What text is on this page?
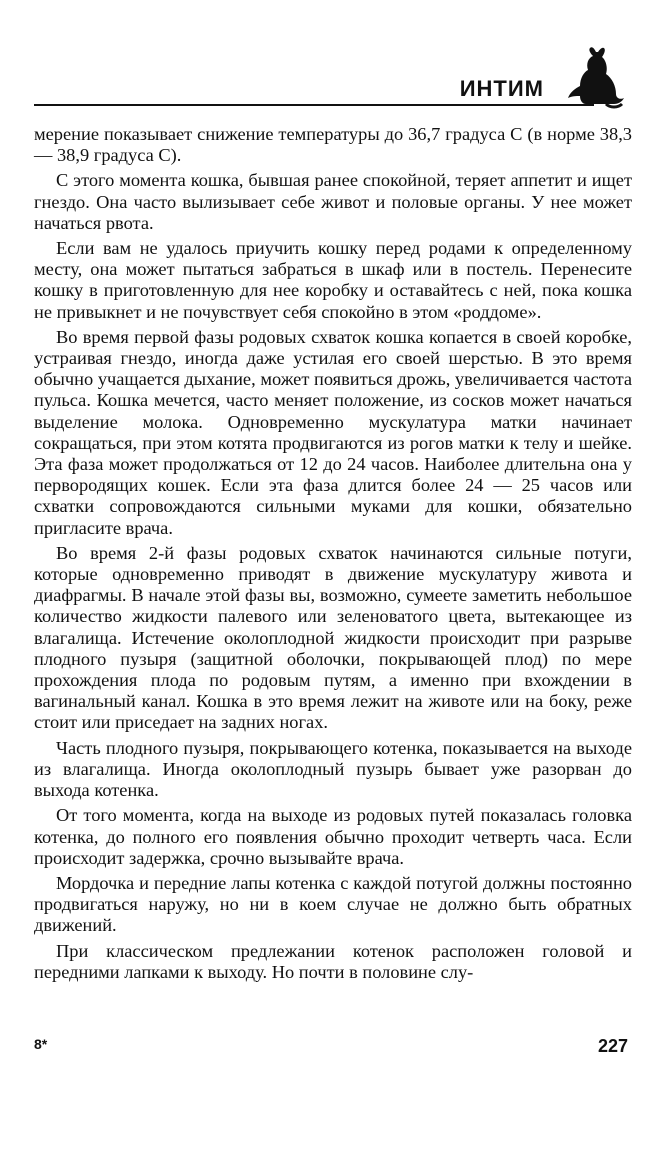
ИНТИМ

мерение показывает снижение температуры до 36,7 градуса С (в норме 38,3 — 38,9 градуса С).

С этого момента кошка, бывшая ранее спокойной, теряет аппетит и ищет гнездо. Она часто вылизывает себе живот и половые органы. У нее может начаться рвота.

Если вам не удалось приучить кошку перед родами к определенному месту, она может пытаться забраться в шкаф или в постель. Перенесите кошку в приготовленную для нее коробку и оставайтесь с ней, пока кошка не привыкнет и не почувствует себя спокойно в этом «роддоме».

Во время первой фазы родовых схваток кошка копается в своей коробке, устраивая гнездо, иногда даже устилая его своей шерстью. В это время обычно учащается дыхание, может появиться дрожь, увеличивается частота пульса. Кошка мечется, часто меняет положение, из сосков может начаться выделение молока. Одновременно мускулатура матки начинает сокращаться, при этом котята продвигаются из рогов матки к телу и шейке. Эта фаза может продолжаться от 12 до 24 часов. Наиболее длительна она у первородящих кошек. Если эта фаза длится более 24 — 25 часов или схватки сопровождаются сильными муками для кошки, обязательно пригласите врача.

Во время 2-й фазы родовых схваток начинаются сильные потуги, которые одновременно приводят в движение мускулатуру живота и диафрагмы. В начале этой фазы вы, возможно, сумеете заметить небольшое количество жидкости палевого или зеленоватого цвета, вытекающее из влагалища. Истечение околоплодной жидкости происходит при разрыве плодного пузыря (защитной оболочки, покрывающей плод) по мере прохождения плода по родовым путям, а именно при вхождении в вагинальный канал. Кошка в это время лежит на животе или на боку, реже стоит или приседает на задних ногах.

Часть плодного пузыря, покрывающего котенка, показывается на выходе из влагалища. Иногда околоплодный пузырь бывает уже разорван до выхода котенка.

От того момента, когда на выходе из родовых путей показалась головка котенка, до полного его появления обычно проходит четверть часа. Если происходит задержка, срочно вызывайте врача.

Мордочка и передние лапы котенка с каждой потугой должны постоянно продвигаться наружу, но ни в коем случае не должно быть обратных движений.

При классическом предлежании котенок расположен головой и передними лапками к выходу. Но почти в половине слу-

8*	227
